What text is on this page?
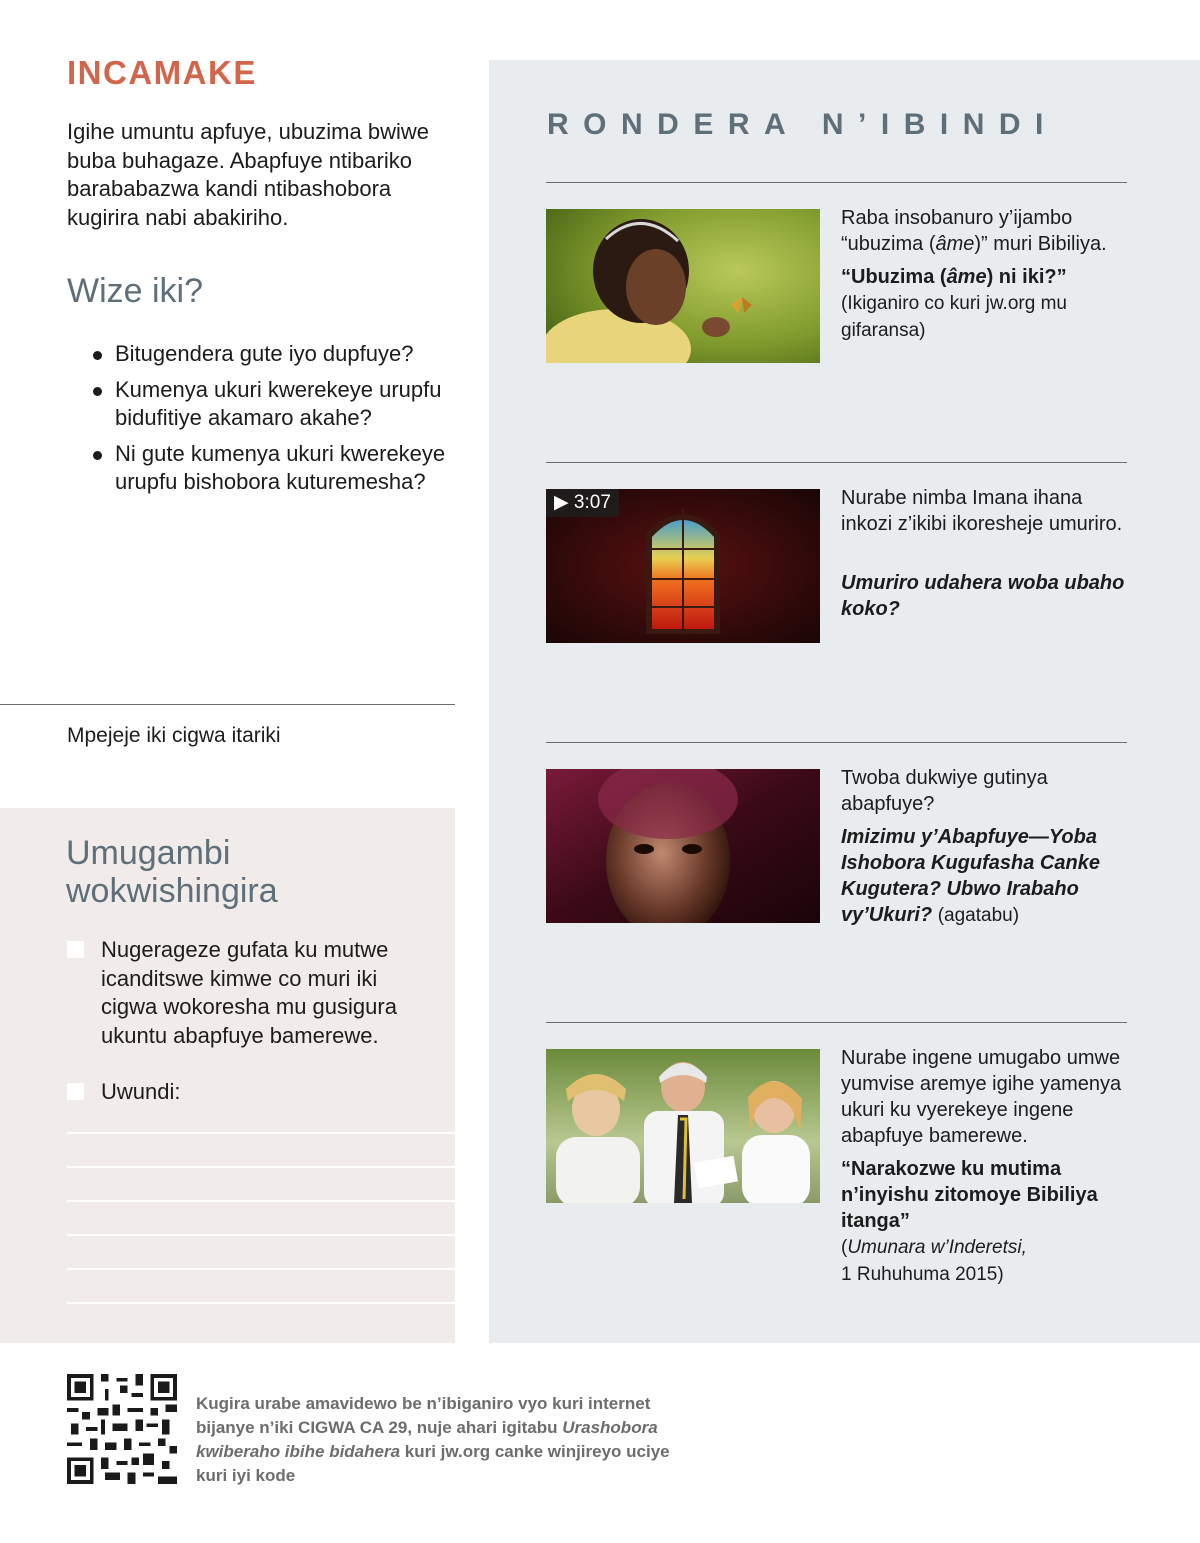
INCAMAKE

Igihe umuntu apfuye, ubuzima bwiwe buba buhagaze. Abapfuye ntibariko barababazwa kandi ntibashobora kugirira nabi abakiriho.

Wize iki?
Bitugendera gute iyo dupfuye?
Kumenya ukuri kwerekeye urupfu bidufitiye akamaro akahe?
Ni gute kumenya ukuri kwerekeye urupfu bishobora kuturemesha?

Mpejeje iki cigwa itariki

Umugambi wokwishingira
Nugerageze gufata ku mutwe icanditswe kimwe co muri iki cigwa wokoresha mu gusigura ukuntu abapfuye bamerewe.
Uwundi:
RONDERA N’IBINDI

Raba insobanuro y’ijambo “ubuzima (âme)” muri Bibiliya.

“Ubuzima (âme) ni iki?”
(Ikiganiro co kuri jw.org mu gifaransa)

▶ 3:07	Nurabe nimba Imana ihana inkozi z’ikibi ikoresheje umuriro.

Umuriro udahera woba ubaho koko?

Twoba dukwiye gutinya abapfuye?

Imizimu y’Abapfuye—Yoba Ishobora Kugufasha Canke Kugutera? Ubwo Irabaho vy’Ukuri? (agatabu)

Nurabe ingene umugabo umwe yumvise aremye igihe yamenya ukuri ku vyerekeye ingene abapfuye bamerewe.

“Narakozwe ku mutima n’inyishu zitomoye Bibiliya itanga”
(Umunara w’Inderetsi,
1 Ruhuhuma 2015)

Kugira urabe amavidewo be n’ibiganiro vyo kuri internet bijanye n’iki CIGWA CA 29, nuje ahari igitabu Urashobora kwiberaho ibihe bidahera kuri jw.org canke winjireyo uciye kuri iyi kode
